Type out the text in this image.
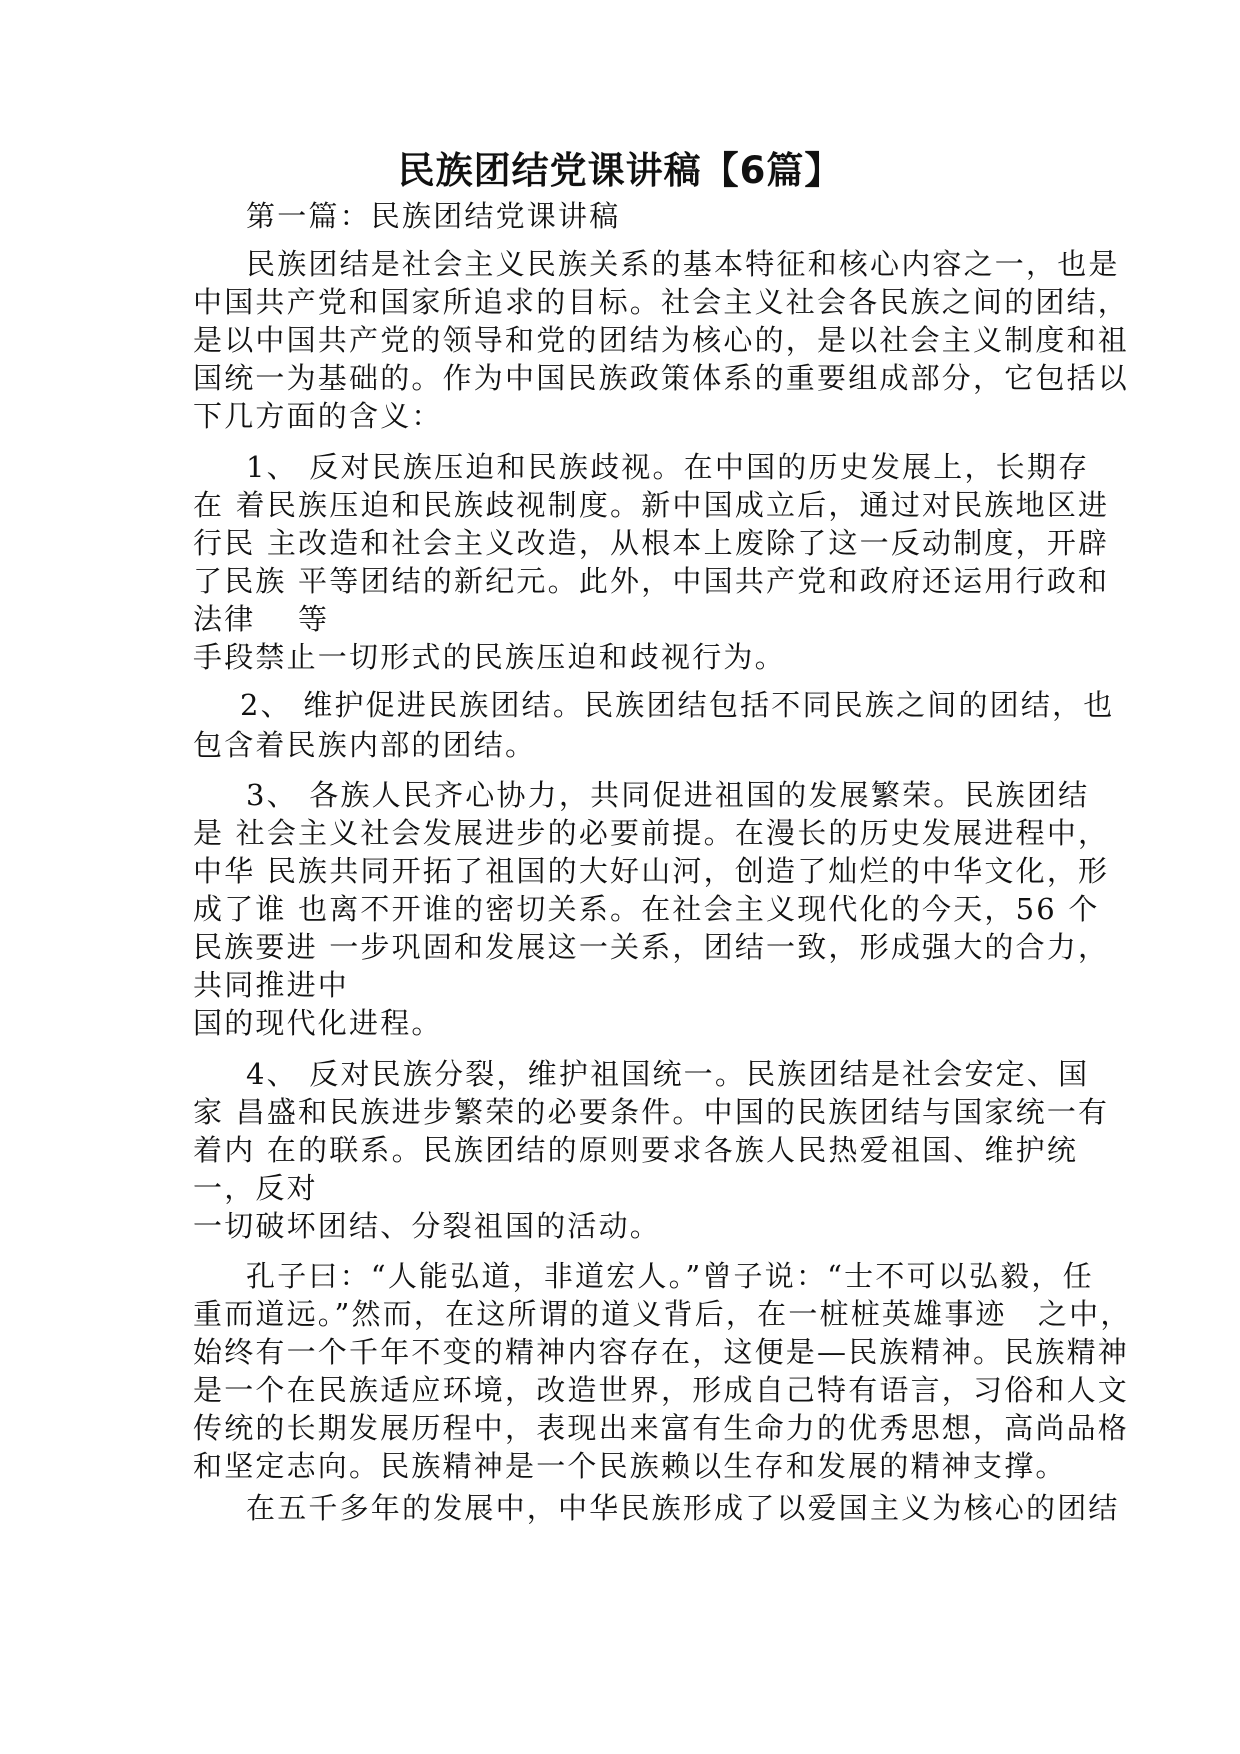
民族团结党课讲稿【6篇】
第一篇：民族团结党课讲稿
民族团结是社会主义民族关系的基本特征和核心内容之一，也是
中国共产党和国家所追求的目标。社会主义社会各民族之间的团结，
是以中国共产党的领导和党的团结为核心的，是以社会主义制度和祖
国统一为基础的。作为中国民族政策体系的重要组成部分，它包括以
下几方面的含义：
1、 反对民族压迫和民族歧视。在中国的历史发展上，长期存
在 着民族压迫和民族歧视制度。新中国成立后，通过对民族地区进
行民 主改造和社会主义改造，从根本上废除了这一反动制度，开辟
了民族 平等团结的新纪元。此外，中国共产党和政府还运用行政和
法律　 等
手段禁止一切形式的民族压迫和歧视行为。
2、 维护促进民族团结。民族团结包括不同民族之间的团结，也
包含着民族内部的团结。
3、 各族人民齐心协力，共同促进祖国的发展繁荣。民族团结
是 社会主义社会发展进步的必要前提。在漫长的历史发展进程中，
中华 民族共同开拓了祖国的大好山河，创造了灿烂的中华文化，形
成了谁 也离不开谁的密切关系。在社会主义现代化的今天，56 个
民族要进 一步巩固和发展这一关系，团结一致，形成强大的合力，
共同推进中
国的现代化进程。
4、 反对民族分裂，维护祖国统一。民族团结是社会安定、国
家 昌盛和民族进步繁荣的必要条件。中国的民族团结与国家统一有
着内 在的联系。民族团结的原则要求各族人民热爱祖国、维护统
一，反对
一切破坏团结、分裂祖国的活动。
孔子曰：“人能弘道，非道宏人。”曾子说：“士不可以弘毅，任
重而道远。”然而，在这所谓的道义背后，在一桩桩英雄事迹　之中，
始终有一个千年不变的精神内容存在，这便是—民族精神。民族精神
是一个在民族适应环境，改造世界，形成自己特有语言，习俗和人文
传统的长期发展历程中，表现出来富有生命力的优秀思想，高尚品格
和坚定志向。民族精神是一个民族赖以生存和发展的精神支撑。
在五千多年的发展中，中华民族形成了以爱国主义为核心的团结
